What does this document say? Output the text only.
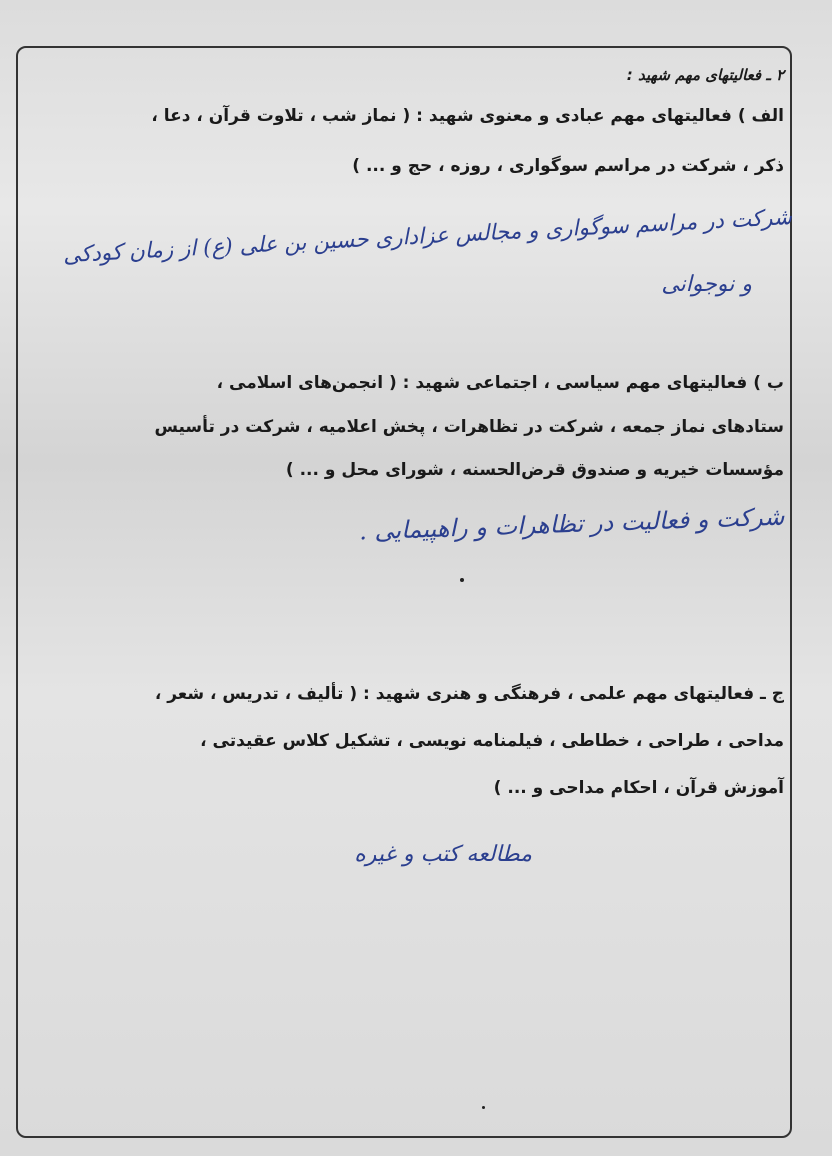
۲ ـ فعالیتهای مهم شهید :
الف ) فعالیتهای مهم عبادی و معنوی شهید : ( نماز شب ، تلاوت قرآن ، دعا ،
ذکر ، شرکت در مراسم سوگواری ، روزه ، حج و ... )
شرکت در مراسم سوگواری و مجالس عزاداری حسین بن علی (ع) از زمان کودکی
و نوجوانی
ب ) فعالیتهای مهم سیاسی ، اجتماعی شهید : ( انجمن‌های اسلامی ،
ستادهای نماز جمعه ، شرکت در تظاهرات ، پخش اعلامیه ، شرکت در تأسیس
مؤسسات خیریه و صندوق قرض‌الحسنه ، شورای محل و ... )
شرکت و فعالیت در تظاهرات و راهپیمایی .
ج ـ فعالیتهای مهم علمی ، فرهنگی و هنری شهید : ( تألیف ، تدریس ، شعر ،
مداحی ، طراحی ، خطاطی ، فیلمنامه نویسی ، تشکیل کلاس عقیدتی ،
آموزش قرآن ، احکام مداحی و ... )
مطالعه کتب و غیره
